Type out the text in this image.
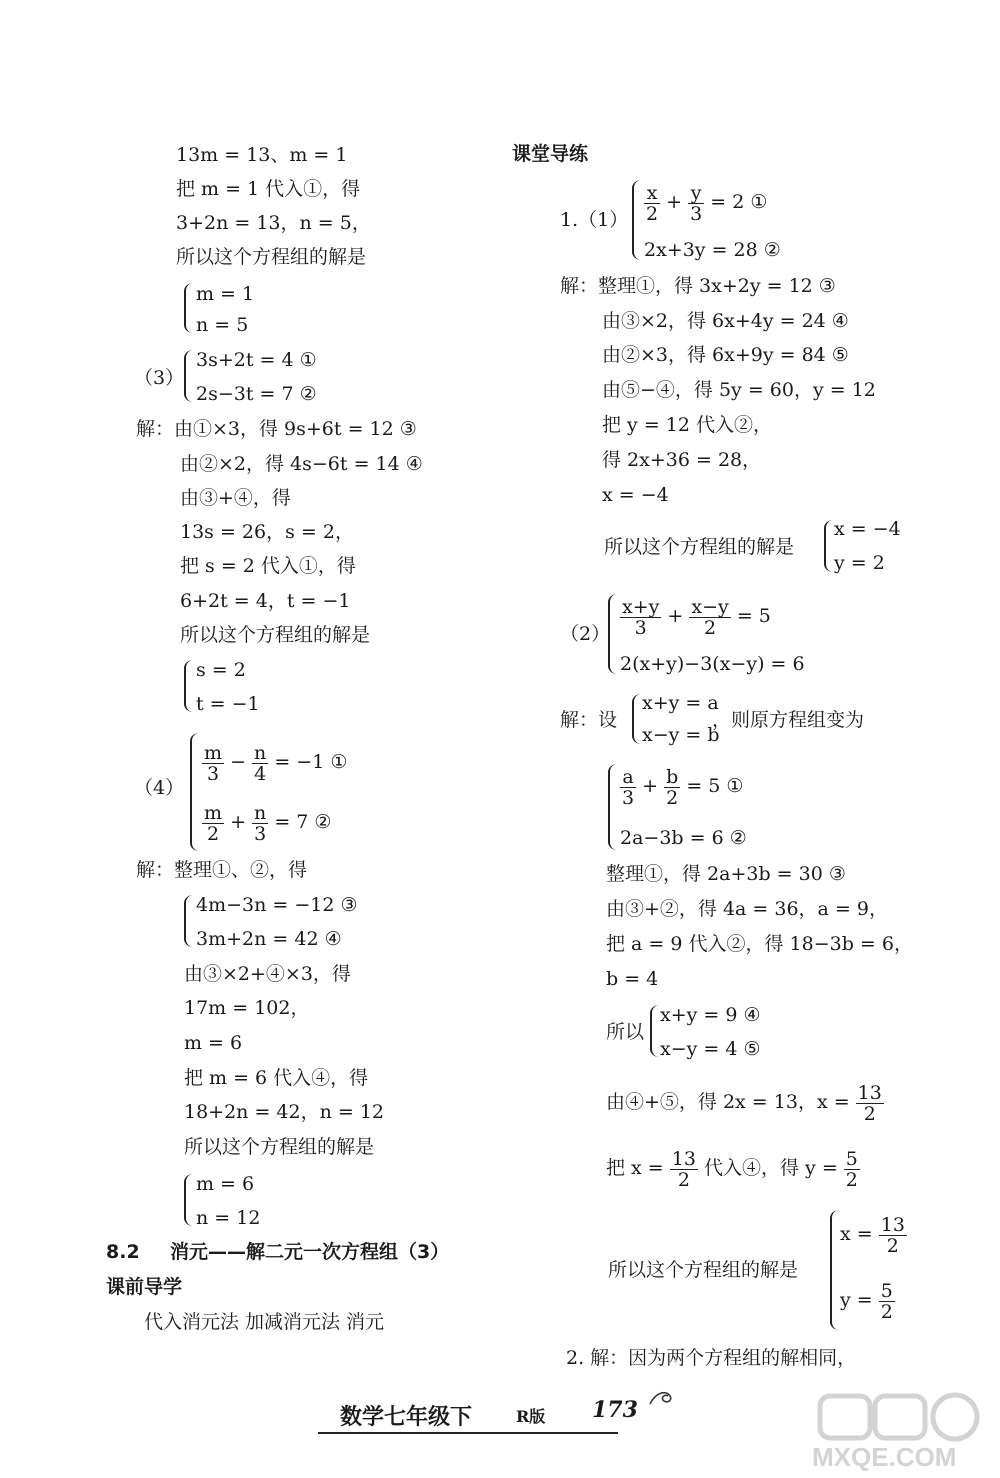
13m = 13、m = 1
把 m = 1 代入①，得
3+2n = 13，n = 5，
所以这个方程组的解是
m = 1
n = 5
（3）
3s+2t = 4 ①
2s−3t = 7 ②
解：由①×3，得 9s+6t = 12 ③
由②×2，得 4s−6t = 14 ④
由③+④，得
13s = 26，s = 2，
把 s = 2 代入①，得
6+2t = 4，t = −1
所以这个方程组的解是
s = 2
t = −1
（4）
$\frac{m}{3} - \frac{n}{4} = -1$ ①
$\frac{m}{2} + \frac{n}{3} = 7$ ②
解：整理①、②，得
4m−3n = −12 ③
3m+2n = 42 ④
由③×2+④×3，得
17m = 102，
m = 6
把 m = 6 代入④，得
18+2n = 42，n = 12
所以这个方程组的解是
m = 6
n = 12
8.2 消元——解二元一次方程组（3）
课前导学
代入消元法 加减消元法 消元
课堂导练
$1.(1) \frac{x}{2} + \frac{y}{3} = 2$ ①
2x+3y = 28 ②
解：整理①，得 3x+2y = 12 ③
由③×2，得 6x+4y = 24 ④
由②×3，得 6x+9y = 84 ⑤
由⑤−④，得 5y = 60，y = 12
把 y = 12 代入②，
得 2x+36 = 28，
x = −4
所以这个方程组的解是
x = −4
y = 2
$(2) \frac{x+y}{3} + \frac{x-y}{2} = 5$
2(x+y)−3(x−y) = 6
解：设
x+y = a
x−y = b
，则原方程组变为
$\frac{a}{3} + \frac{b}{2} = 5$ ①
2a−3b = 6 ②
整理①，得 2a+3b = 30 ③
由③+②，得 4a = 36，a = 9，
把 a = 9 代入②，得 18−3b = 6，
b = 4
所以
x+y = 9 ④
x−y = 4 ⑤
由④+⑤，得 2x = 13，$x = \frac{13}{2}$
把 $x = \frac{13}{2}$ 代入④，得 $y = \frac{5}{2}$
所以这个方程组的解是
$x = \frac{13}{2}$
$y = \frac{5}{2}$
2. 解：因为两个方程组的解相同，
数学七年级下	R版 173
MXQE.COM
